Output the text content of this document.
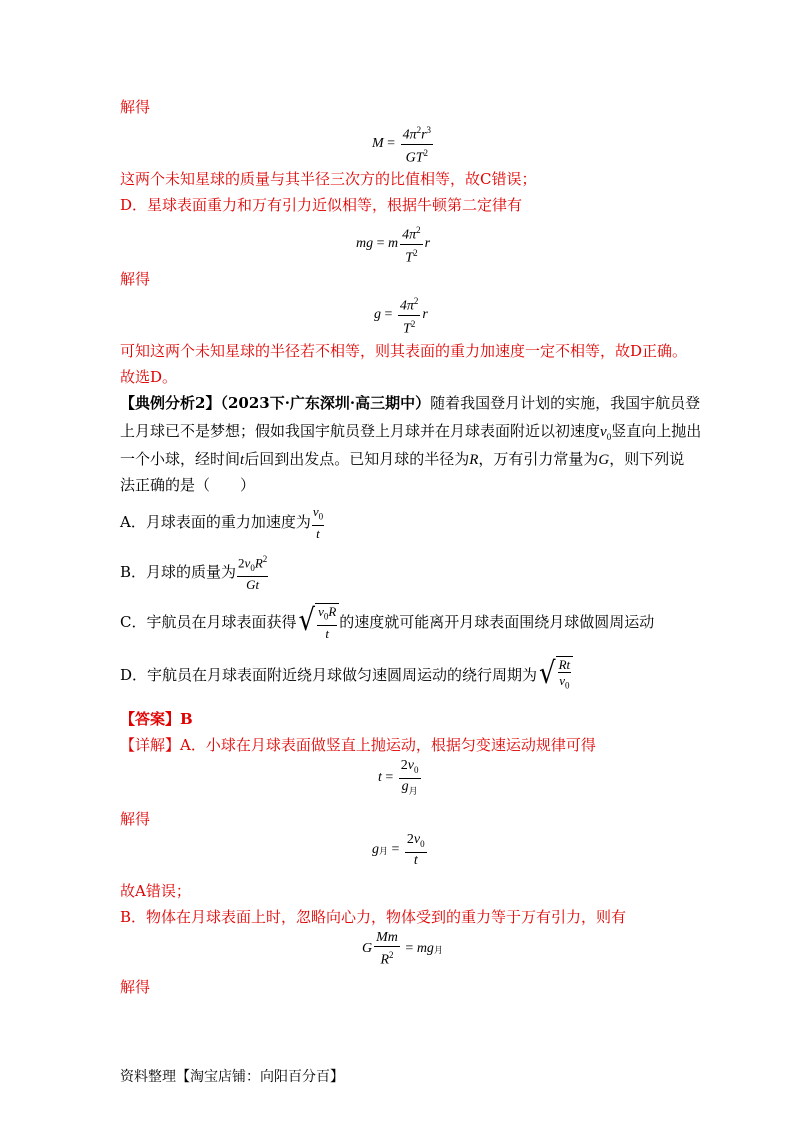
解得
$M = \frac{4\pi^2r^3}{GT^2}$
这两个未知星球的质量与其半径三次方的比值相等，故C错误；
D．星球表面重力和万有引力近似相等，根据牛顿第二定律有
mg = m $\frac{4\pi^2}{T^2}$ r
解得
$g = \frac{4\pi^2}{T^2}$ r
可知这两个未知星球的半径若不相等，则其表面的重力加速度一定不相等，故D正确。
故选D。
【典例分析2】（2023下·广东深圳·高三期中）随着我国登月计划的实施，我国宇航员登
上月球已不是梦想；假如我国宇航员登上月球并在月球表面附近以初速度$v_0$竖直向上抛出
一个小球，经时间t后回到出发点。已知月球的半径为R，万有引力常量为G，则下列说
法正确的是（　　）
A．月球表面的重力加速度为 $\frac{v_0}{t}$
B．月球的质量为 $\frac{2v_0R^2}{Gt}$
C．宇航员在月球表面获得 √ $\frac{v_0R}{t}$ 的速度就可能离开月球表面围绕月球做圆周运动
D．宇航员在月球表面附近绕月球做匀速圆周运动的绕行周期为 √ $\frac{Rt}{v_0}$
【答案】B
【详解】A．小球在月球表面做竖直上抛运动，根据匀变速运动规律可得
$t = \frac{2v_0}{g_月}$
解得
g 月 = $\frac{2v_0}{t}$
故A错误；
B．物体在月球表面上时，忽略向心力，物体受到的重力等于万有引力，则有
G $\frac{Mm}{R^2}$ = mg 月
解得
资料整理【淘宝店铺：向阳百分百】
